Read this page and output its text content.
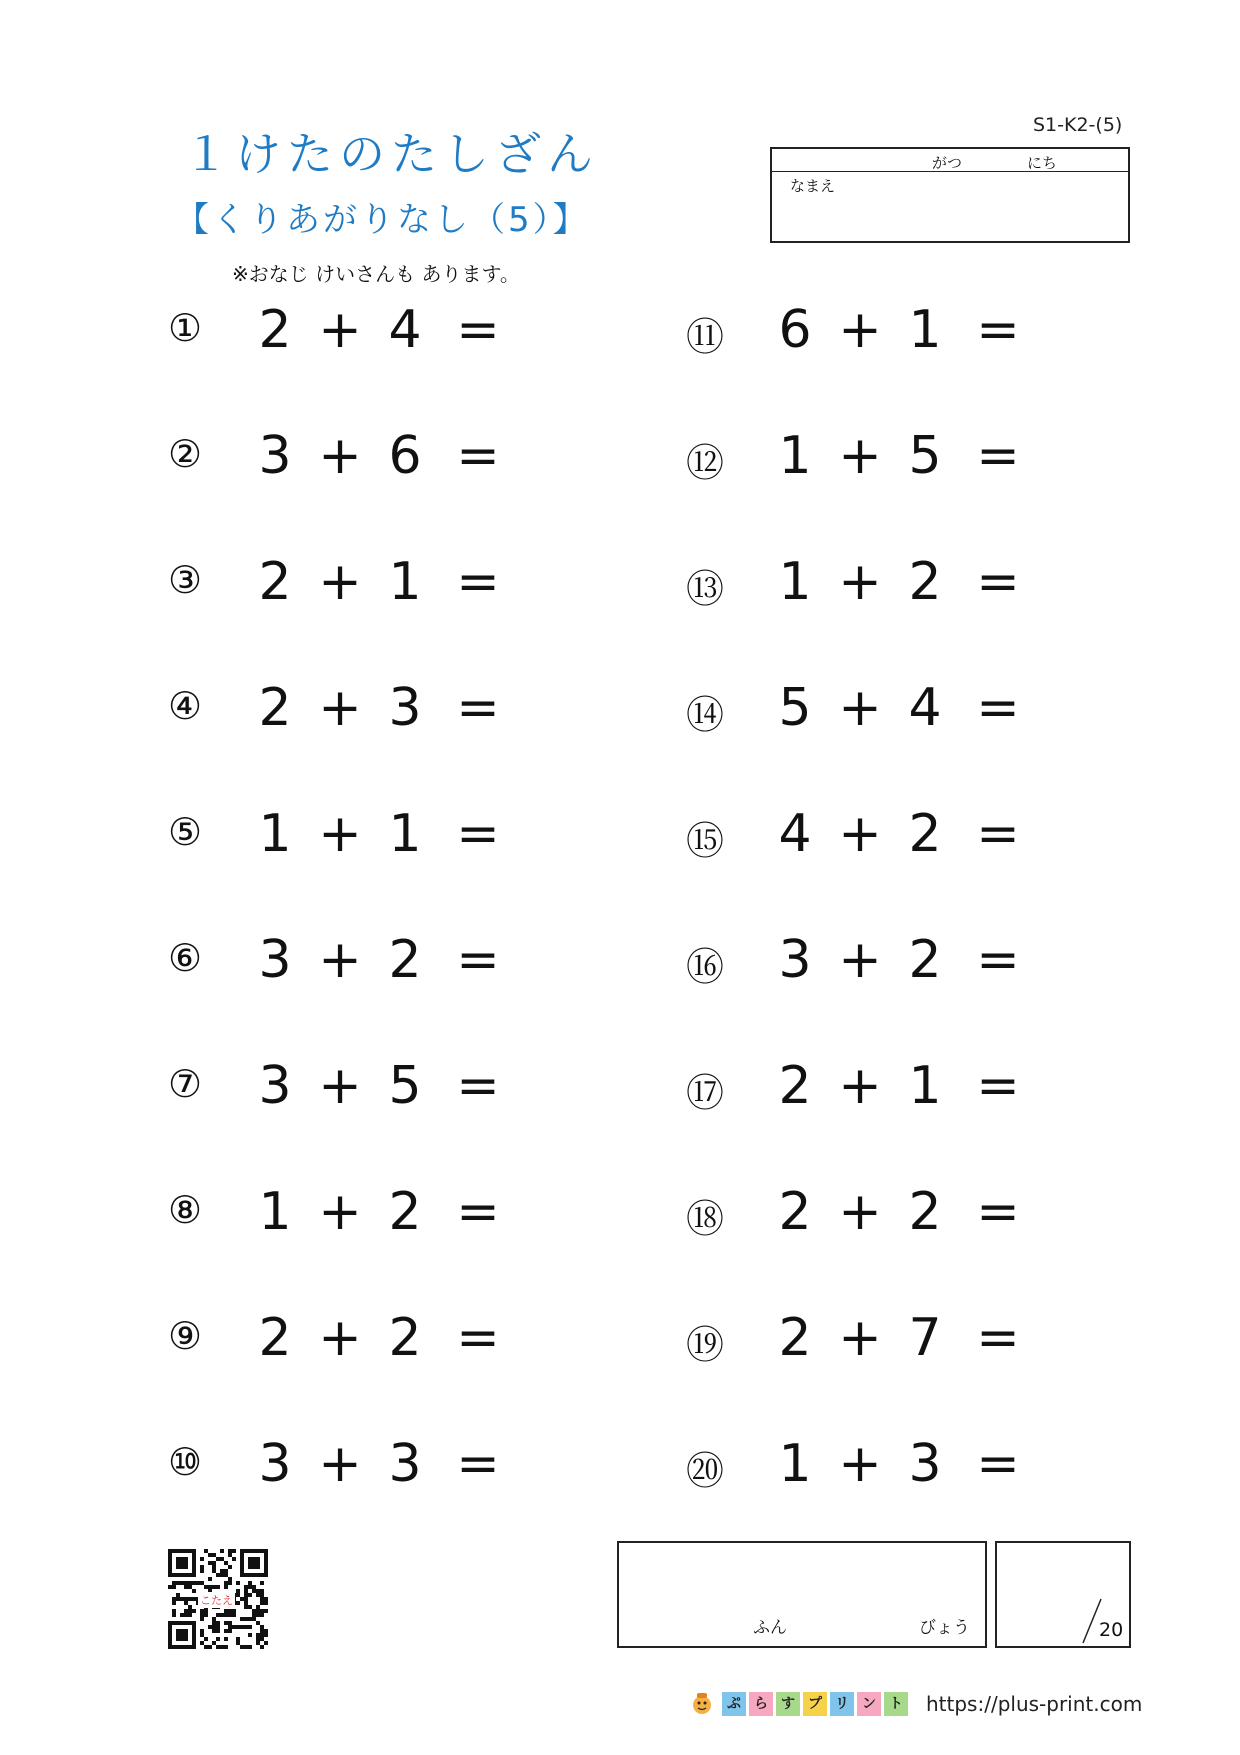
１けたのたしざん
【くりあがりなし（5）】
※おなじ けいさんも あります。
S1-K2-(5)
がつ	にち
なまえ
① 2 + 4 =
② 3 + 6 =
③ 2 + 1 =
④ 2 + 3 =
⑤ 1 + 1 =
⑥ 3 + 2 =
⑦ 3 + 5 =
⑧ 1 + 2 =
⑨ 2 + 2 =
⑩ 3 + 3 =
⑪ 6 + 1 =
⑫ 1 + 5 =
⑬ 1 + 2 =
⑭ 5 + 4 =
⑮ 4 + 2 =
⑯ 3 + 2 =
⑰ 2 + 1 =
⑱ 2 + 2 =
⑲ 2 + 7 =
⑳ 1 + 3 =
こたえ
ふん	びょう	20
ぷ ら す プ リ ン ト	https://plus-print.com
